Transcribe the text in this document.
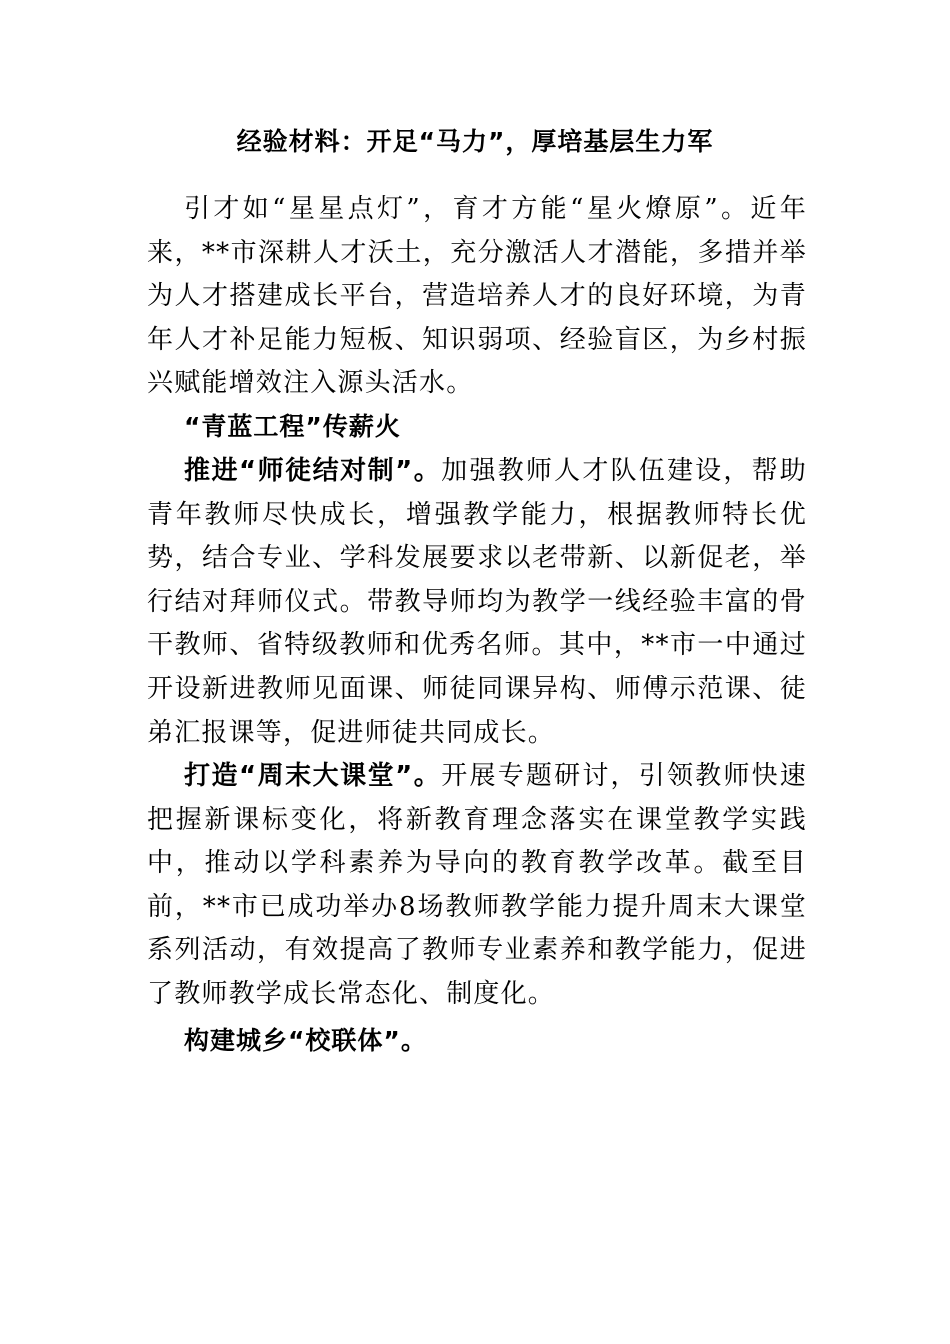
经验材料：开足“马力”，厚培基层生力军

引才如“星星点灯”，育才方能“星火燎原”。近年来，**市深耕人才沃土，充分激活人才潜能，多措并举为人才搭建成长平台，营造培养人才的良好环境，为青年人才补足能力短板、知识弱项、经验盲区，为乡村振兴赋能增效注入源头活水。

“青蓝工程”传薪火

推进“师徒结对制”。加强教师人才队伍建设，帮助青年教师尽快成长，增强教学能力，根据教师特长优势，结合专业、学科发展要求以老带新、以新促老，举行结对拜师仪式。带教导师均为教学一线经验丰富的骨干教师、省特级教师和优秀名师。其中，**市一中通过开设新进教师见面课、师徒同课异构、师傅示范课、徒弟汇报课等，促进师徒共同成长。

打造“周末大课堂”。开展专题研讨，引领教师快速把握新课标变化，将新教育理念落实在课堂教学实践中，推动以学科素养为导向的教育教学改革。截至目前，**市已成功举办8场教师教学能力提升周末大课堂系列活动，有效提高了教师专业素养和教学能力，促进了教师教学成长常态化、制度化。

构建城乡“校联体”。
